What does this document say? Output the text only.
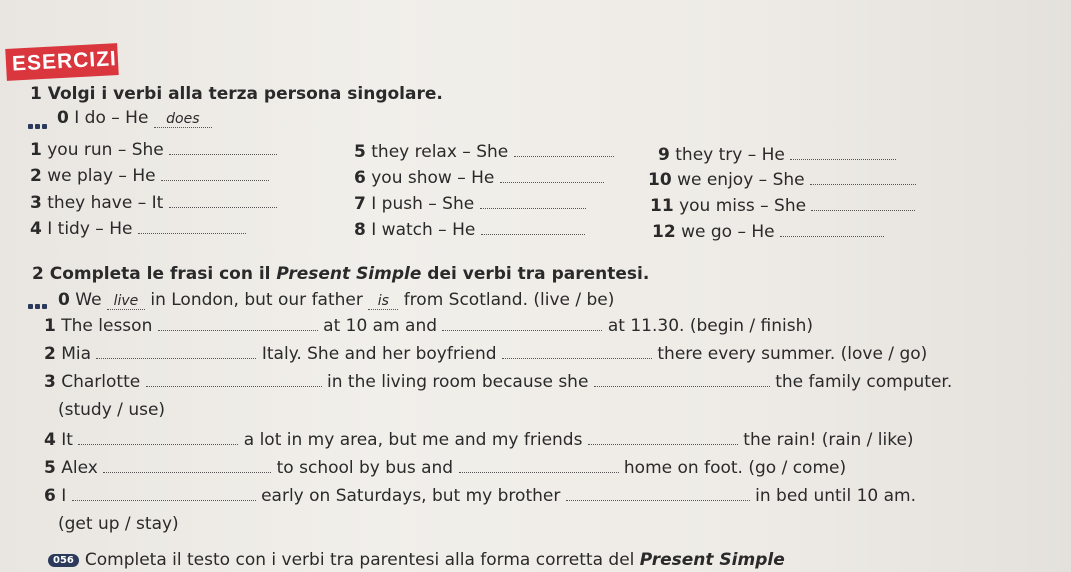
ESERCIZI
1 Volgi i verbi alla terza persona singolare.
0 I do – He does
1 you run – She
2 we play – He
3 they have – It
4 I tidy – He
5 they relax – She
6 you show – He
7 I push – She
8 I watch – He
9 they try – He
10 we enjoy – She
11 you miss – She
12 we go – He
2 Completa le frasi con il Present Simple dei verbi tra parentesi.
0 We live in London, but our father is from Scotland. (live / be)
1 The lesson	at 10 am and	at 11.30. (begin / finish)
2 Mia	Italy. She and her boyfriend	there every summer. (love / go)
3 Charlotte	in the living room because she	the family computer.
(study / use)
4 It	a lot in my area, but me and my friends	the rain! (rain / like)
5 Alex	to school by bus and	home on foot. (go / come)
6 I	early on Saturdays, but my brother	in bed until 10 am.
(get up / stay)
056 Completa il testo con i verbi tra parentesi alla forma corretta del Present Simple
